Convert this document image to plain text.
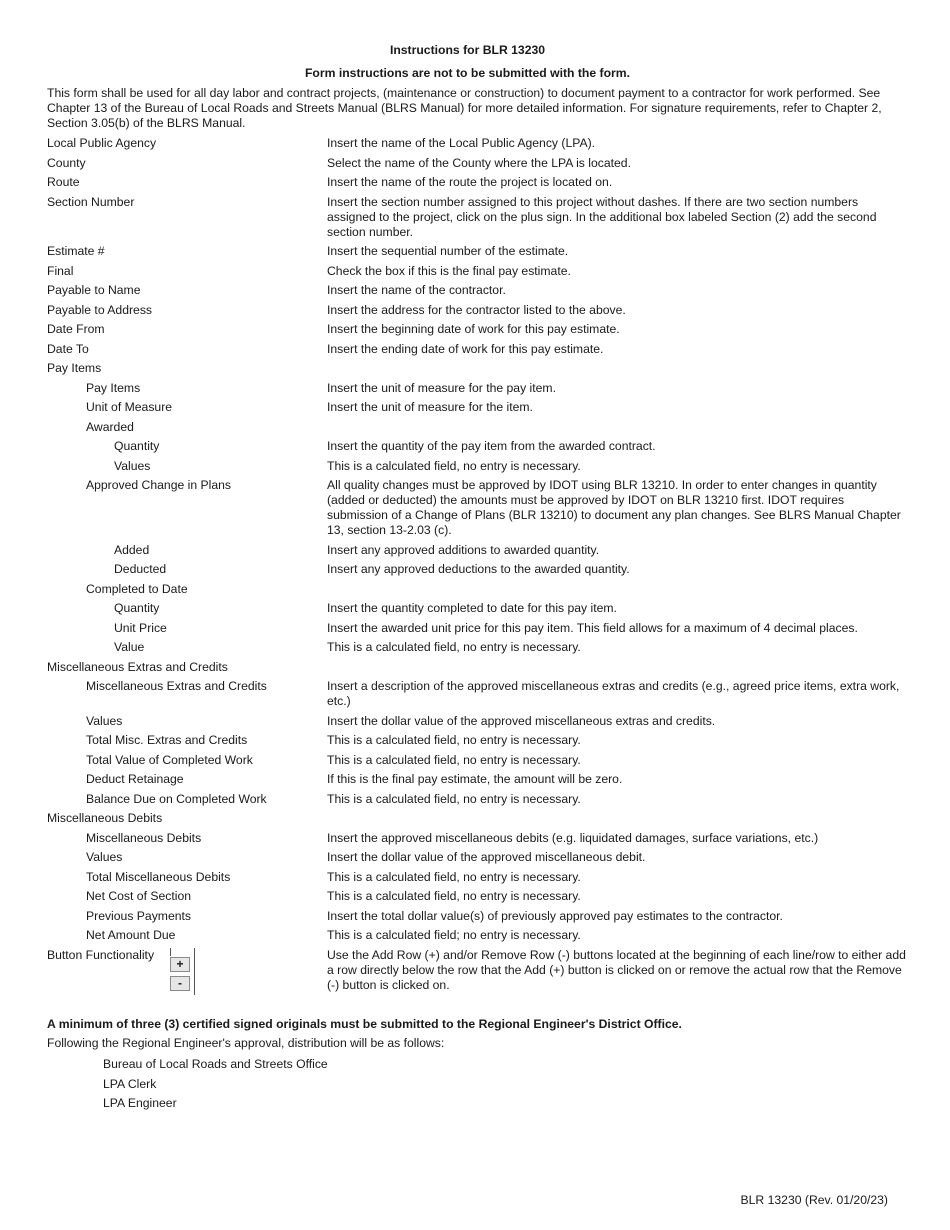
Instructions for BLR 13230
Form instructions are not to be submitted with the form.
This form shall be used for all day labor and contract projects, (maintenance or construction) to document payment to a contractor for work performed. See Chapter 13 of the Bureau of Local Roads and Streets Manual (BLRS Manual) for more detailed information. For signature requirements, refer to Chapter 2, Section 3.05(b) of the BLRS Manual.
Local Public Agency	Insert the name of the Local Public Agency (LPA).
County	Select the name of the County where the LPA is located.
Route	Insert the name of the route the project is located on.
Section Number	Insert the section number assigned to this project without dashes. If there are two section numbers assigned to the project, click on the plus sign. In the additional box labeled Section (2) add the second section number.
Estimate #	Insert the sequential number of the estimate.
Final	Check the box if this is the final pay estimate.
Payable to Name	Insert the name of the contractor.
Payable to Address	Insert the address for the contractor listed to the above.
Date From	Insert the beginning date of work for this pay estimate.
Date To	Insert the ending date of work for this pay estimate.
Pay Items
Pay Items	Insert the unit of measure for the pay item.
Unit of Measure	Insert the unit of measure for the item.
Awarded
Quantity	Insert the quantity of the pay item from the awarded contract.
Values	This is a calculated field, no entry is necessary.
Approved Change in Plans	All quality changes must be approved by IDOT using BLR 13210. In order to enter changes in quantity (added or deducted) the amounts must be approved by IDOT on BLR 13210 first. IDOT requires submission of a Change of Plans (BLR 13210) to document any plan changes. See BLRS Manual Chapter 13, section 13-2.03 (c).
Added	Insert any approved additions to awarded quantity.
Deducted	Insert any approved deductions to the awarded quantity.
Completed to Date
Quantity	Insert the quantity completed to date for this pay item.
Unit Price	Insert the awarded unit price for this pay item. This field allows for a maximum of 4 decimal places.
Value	This is a calculated field, no entry is necessary.
Miscellaneous Extras and Credits
Miscellaneous Extras and Credits	Insert a description of the approved miscellaneous extras and credits (e.g., agreed price items, extra work, etc.)
Values	Insert the dollar value of the approved miscellaneous extras and credits.
Total Misc. Extras and Credits	This is a calculated field, no entry is necessary.
Total Value of Completed Work	This is a calculated field, no entry is necessary.
Deduct Retainage	If this is the final pay estimate, the amount will be zero.
Balance Due on Completed Work	This is a calculated field, no entry is necessary.
Miscellaneous Debits
Miscellaneous Debits	Insert the approved miscellaneous debits (e.g. liquidated damages, surface variations, etc.)
Values	Insert the dollar value of the approved miscellaneous debit.
Total Miscellaneous Debits	This is a calculated field, no entry is necessary.
Net Cost of Section	This is a calculated field, no entry is necessary.
Previous Payments	Insert the total dollar value(s) of previously approved pay estimates to the contractor.
Net Amount Due	This is a calculated field; no entry is necessary.
Button Functionality	Use the Add Row (+) and/or Remove Row (-) buttons located at the beginning of each line/row to either add a row directly below the row that the Add (+) button is clicked on or remove the actual row that the Remove (-) button is clicked on.
+
-
A minimum of three (3) certified signed originals must be submitted to the Regional Engineer's District Office.
Following the Regional Engineer's approval, distribution will be as follows:
Bureau of Local Roads and Streets Office
LPA Clerk
LPA Engineer
BLR 13230 (Rev. 01/20/23)
